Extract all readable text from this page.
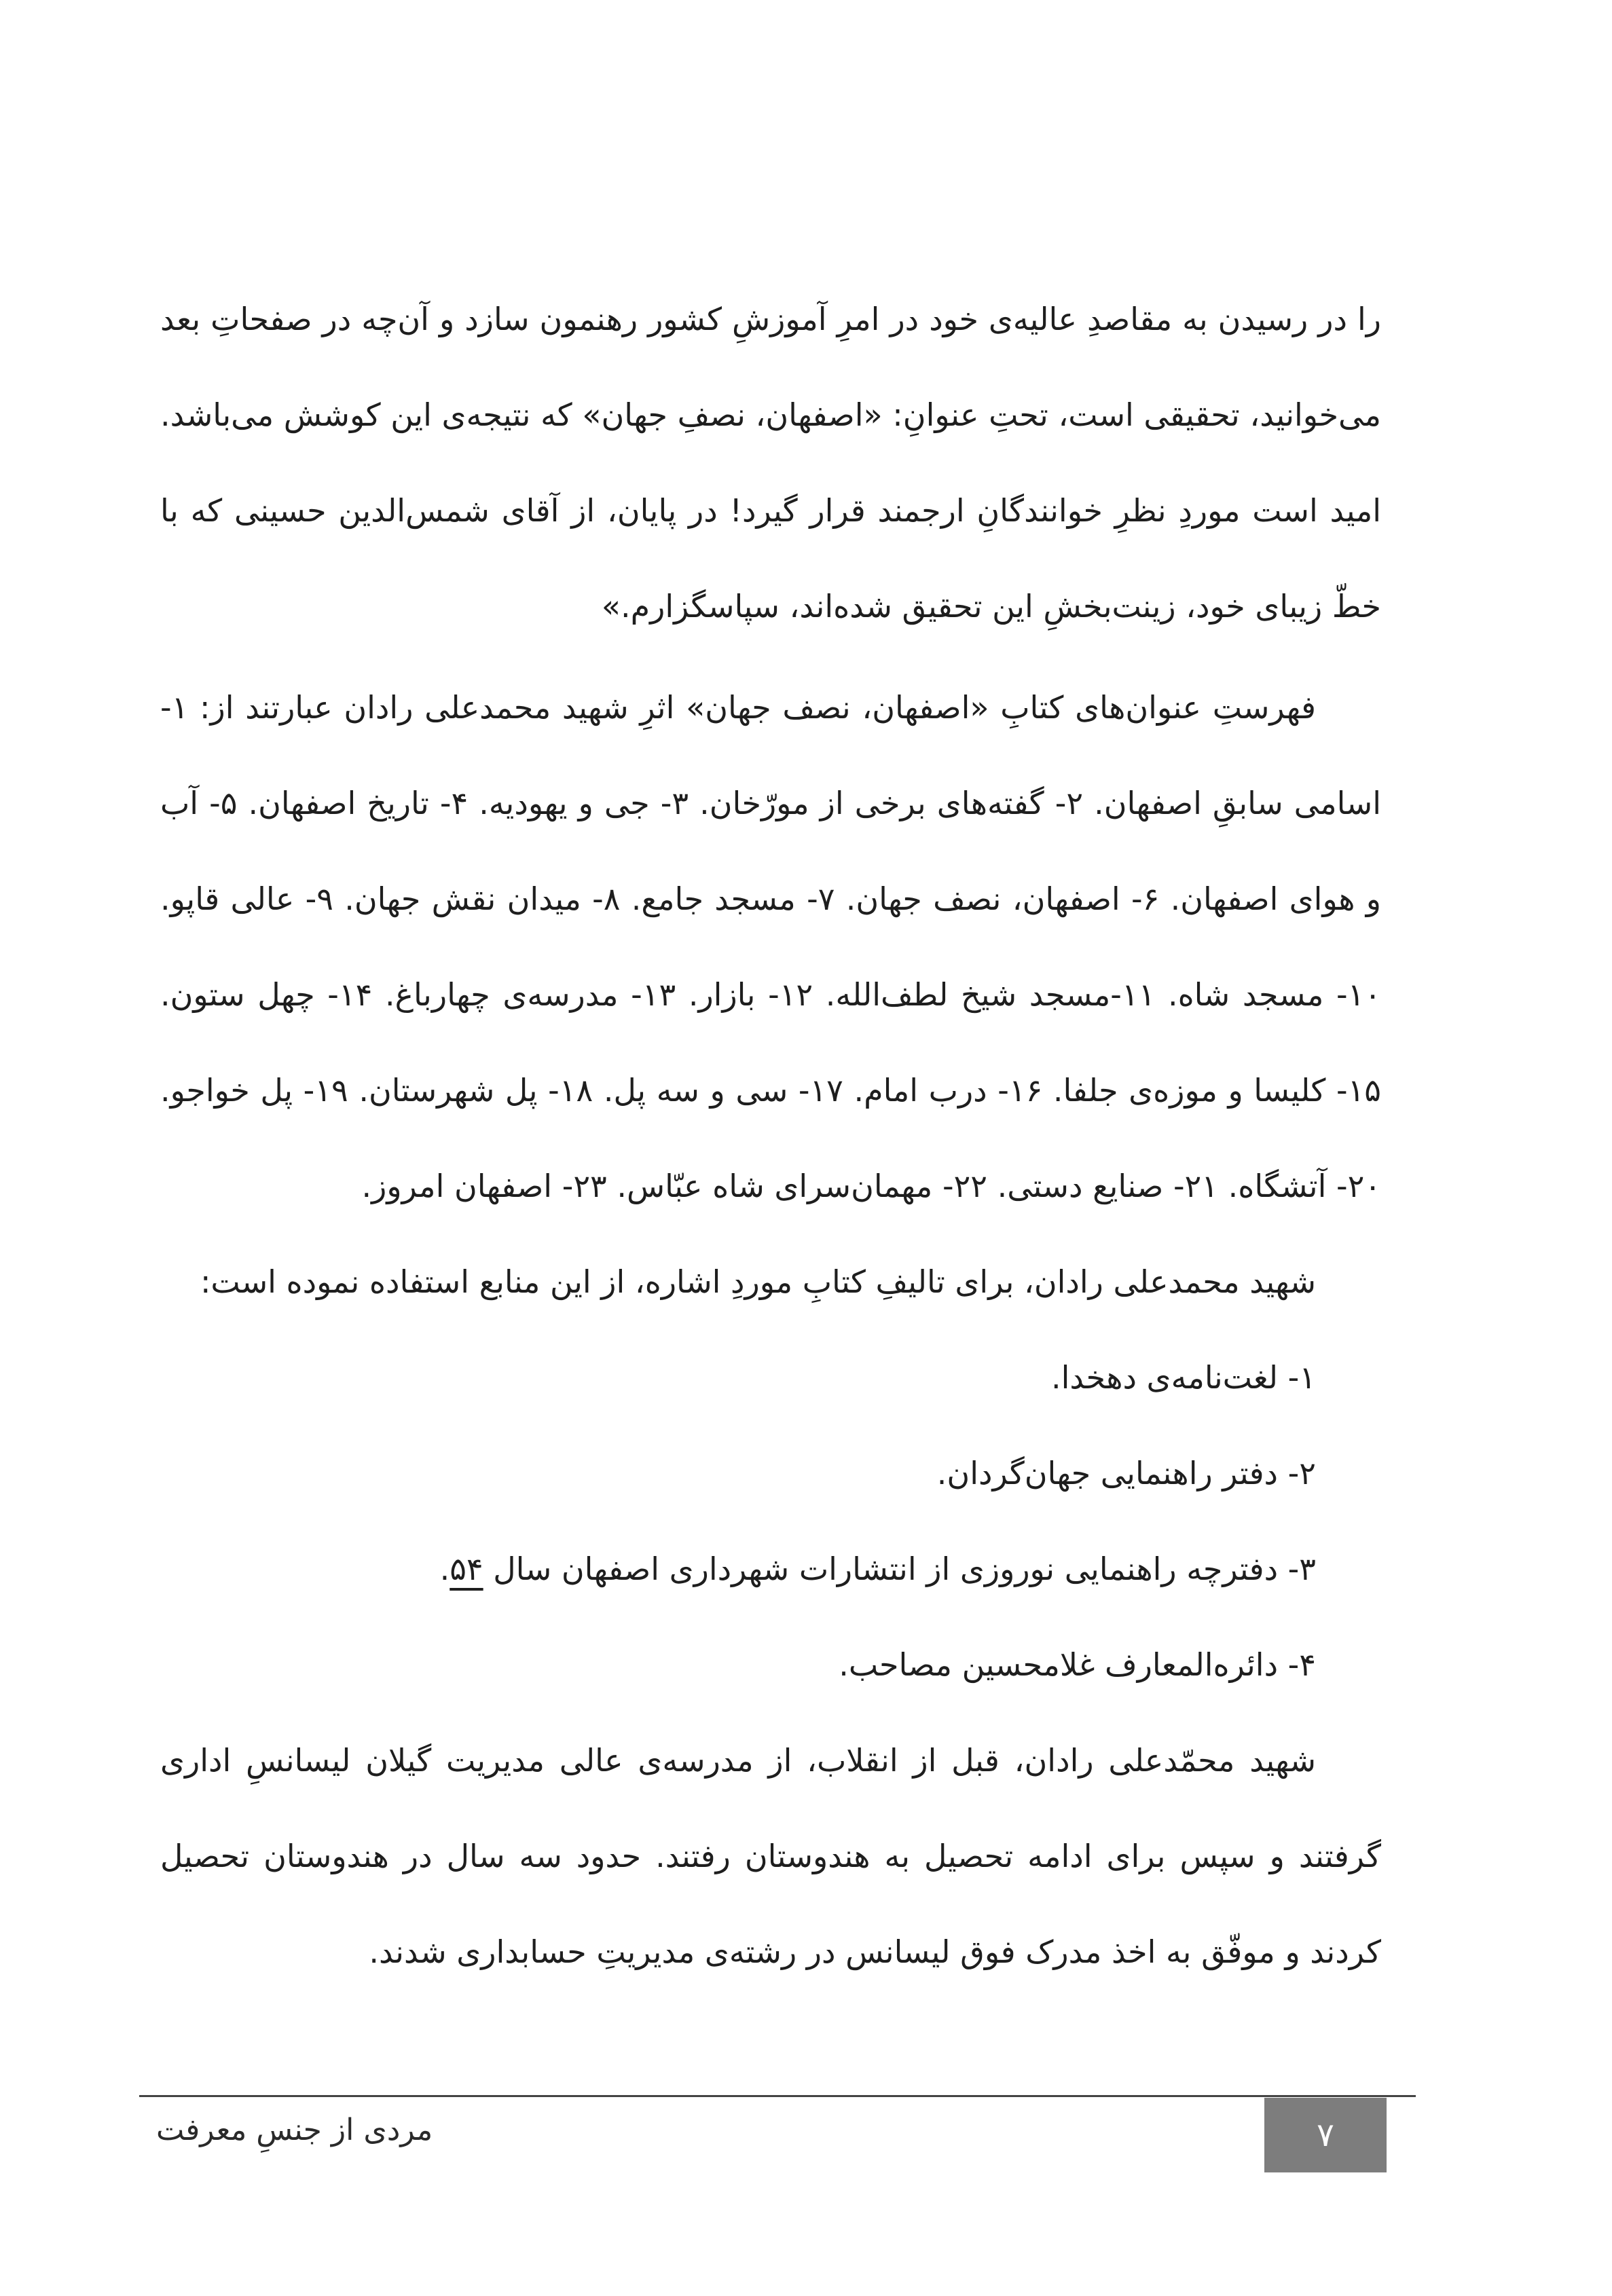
را در رسیدن به مقاصدِ عالیه‌ی خود در امرِ آموزشِ کشور رهنمون سازد و آن‌چه در صفحاتِ بعد می‌خوانید، تحقیقی است، تحتِ عنوانِ: «اصفهان، نصفِ جهان» که نتیجه‌ی این کوشش می‌باشد. امید است موردِ نظرِ خوانندگانِ ارجمند قرار گیرد! در پایان، از آقای شمس‌الدین حسینی که با خطّ زیبای خود، زینت‌بخشِ این تحقیق شده‌اند، سپاسگزارم.»

فهرستِ عنوان‌های کتابِ «اصفهان، نصف جهان» اثرِ شهید محمدعلی رادان عبارتند از: ۱- اسامی سابقِ اصفهان. ۲- گفته‌های برخی از مورّخان. ۳- جی و یهودیه. ۴- تاریخ اصفهان. ۵- آب و هوای اصفهان. ۶- اصفهان، نصف جهان. ۷- مسجد جامع. ۸- میدان نقش جهان. ۹- عالی قاپو. ۱۰- مسجد شاه. ۱۱-مسجد شیخ لطف‌الله. ۱۲- بازار. ۱۳- مدرسه‌ی چهارباغ. ۱۴- چهل ستون. ۱۵- کلیسا و موزه‌ی جلفا. ۱۶- درب امام. ۱۷- سی و سه پل. ۱۸- پل شهرستان. ۱۹- پل خواجو. ۲۰- آتشگاه. ۲۱- صنایع دستی. ۲۲- مهمان‌سرای شاه عبّاس. ۲۳- اصفهان امروز.

شهید محمدعلی رادان، برای تالیفِ کتابِ موردِ اشاره، از این منابع استفاده نموده است:

۱- لغت‌نامه‌ی دهخدا.
۲- دفتر راهنمایی جهان‌گردان.
۳- دفترچه راهنمایی نوروزی از انتشارات شهرداری اصفهان سال ۵۴.
۴- دائره‌المعارف غلامحسین مصاحب.

شهید محمّدعلی رادان، قبل از انقلاب، از مدرسه‌ی عالی مدیریت گیلان لیسانسِ اداری گرفتند و سپس برای ادامه تحصیل به هندوستان رفتند. حدود سه سال در هندوستان تحصیل کردند و موفّق به اخذ مدرک فوق لیسانس در رشته‌ی مدیریتِ حسابداری شدند.

مردی از جنسِ معرفت	۷
